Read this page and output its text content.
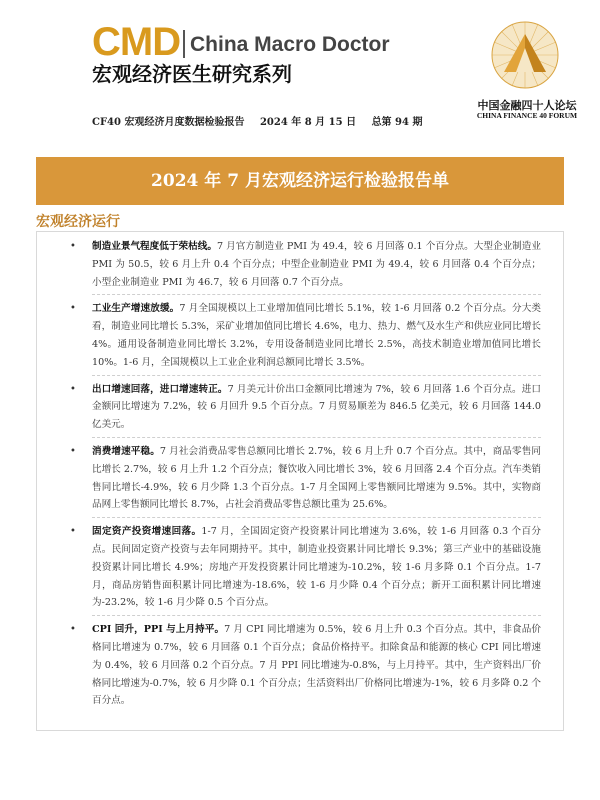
CMD China Macro Doctor
宏观经济医生研究系列
CF40 宏观经济月度数据检验报告 2024 年 8 月 15 日 总第 94 期
中国金融四十人论坛
CHINA FINANCE 40 FORUM
2024 年 7 月宏观经济运行检验报告单
宏观经济运行
• 制造业景气程度低于荣枯线。7 月官方制造业 PMI 为 49.4，较 6 月回落 0.1 个百分点。大型企业制造业 PMI 为 50.5，较 6 月上升 0.4 个百分点；中型企业制造业 PMI 为 49.4，较 6 月回落 0.4 个百分点；小型企业制造业 PMI 为 46.7，较 6 月回落 0.7 个百分点。
• 工业生产增速放缓。7 月全国规模以上工业增加值同比增长 5.1%，较 1-6 月回落 0.2 个百分点。分大类看，制造业同比增长 5.3%，采矿业增加值同比增长 4.6%，电力、热力、燃气及水生产和供应业同比增长 4%。通用设备制造业同比增长 3.2%，专用设备制造业同比增长 2.5%，高技术制造业增加值同比增长 10%。1-6 月，全国规模以上工业企业利润总额同比增长 3.5%。
• 出口增速回落，进口增速转正。7 月美元计价出口金额同比增速为 7%，较 6 月回落 1.6 个百分点。进口金额同比增速为 7.2%，较 6 月回升 9.5 个百分点。7 月贸易顺差为 846.5 亿美元，较 6 月回落 144.0 亿美元。
• 消费增速平稳。7 月社会消费品零售总额同比增长 2.7%，较 6 月上升 0.7 个百分点。其中，商品零售同比增长 2.7%，较 6 月上升 1.2 个百分点；餐饮收入同比增长 3%，较 6 月回落 2.4 个百分点。汽车类销售同比增长-4.9%，较 6 月少降 1.3 个百分点。1-7 月全国网上零售额同比增速为 9.5%。其中，实物商品网上零售额同比增长 8.7%，占社会消费品零售总额比重为 25.6%。
• 固定资产投资增速回落。1-7 月，全国固定资产投资累计同比增速为 3.6%，较 1-6 月回落 0.3 个百分点。民间固定资产投资与去年同期持平。其中，制造业投资累计同比增长 9.3%；第三产业中的基础设施投资累计同比增长 4.9%；房地产开发投资累计同比增速为-10.2%，较 1-6 月多降 0.1 个百分点。1-7 月，商品房销售面积累计同比增速为-18.6%，较 1-6 月少降 0.4 个百分点；新开工面积累计同比增速为-23.2%，较 1-6 月少降 0.5 个百分点。
• CPI 回升，PPI 与上月持平。7 月 CPI 同比增速为 0.5%，较 6 月上升 0.3 个百分点。其中，非食品价格同比增速为 0.7%，较 6 月回落 0.1 个百分点；食品价格持平。扣除食品和能源的核心 CPI 同比增速为 0.4%，较 6 月回落 0.2 个百分点。7 月 PPI 同比增速为-0.8%，与上月持平。其中，生产资料出厂价格同比增速为-0.7%，较 6 月少降 0.1 个百分点；生活资料出厂价格同比增速为-1%，较 6 月多降 0.2 个百分点。
